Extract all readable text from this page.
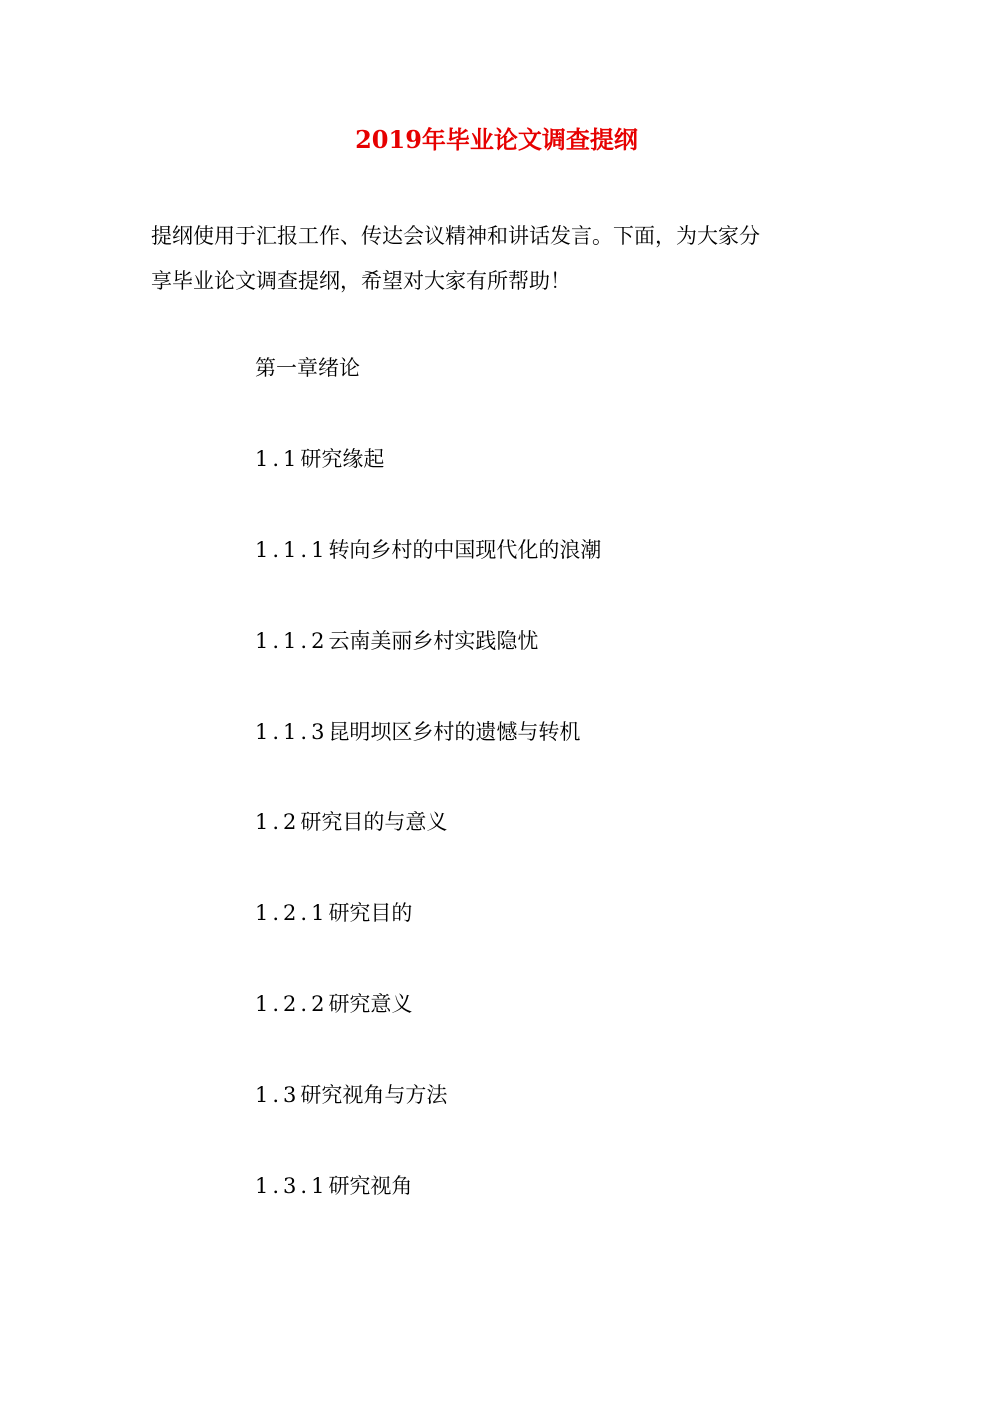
2019年毕业论文调查提纲

提纲使用于汇报工作、传达会议精神和讲话发言。下面，为大家分

享毕业论文调查提纲，希望对大家有所帮助！

第一章绪论
1.1研究缘起
1.1.1转向乡村的中国现代化的浪潮
1.1.2云南美丽乡村实践隐忧
1.1.3昆明坝区乡村的遗憾与转机
1.2研究目的与意义
1.2.1研究目的
1.2.2研究意义
1.3研究视角与方法
1.3.1研究视角
